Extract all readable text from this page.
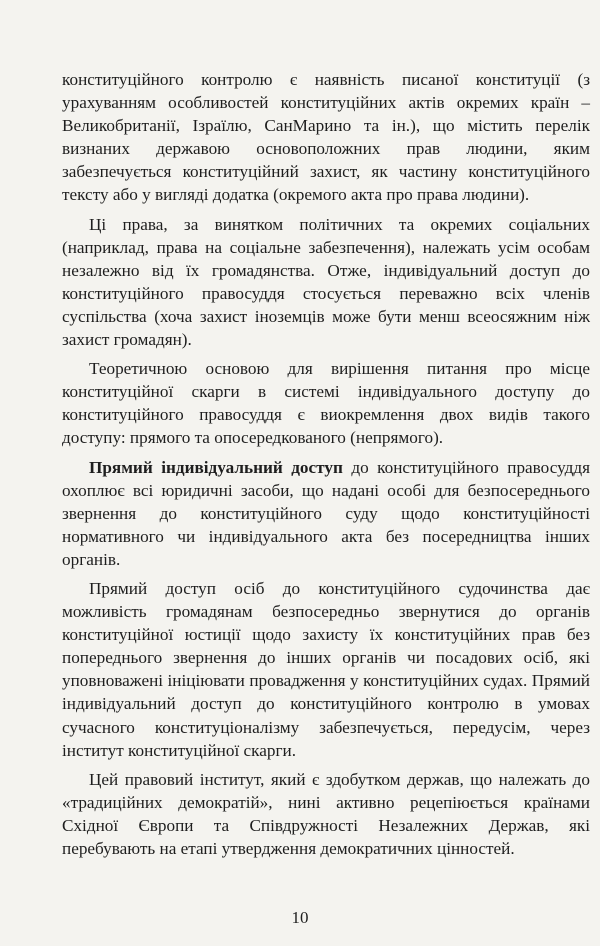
конституційного контролю є наявність писаної конституції (з урахуванням особливостей конституційних актів окремих країн – Великобританії, Ізраїлю, СанМарино та ін.), що містить перелік визнаних державою основоположних прав людини, яким забезпечується конституційний захист, як частину конституційного тексту або у вигляді додатка (окремого акта про права людини).

Ці права, за винятком політичних та окремих соціальних (наприклад, права на соціальне забезпечення), належать усім особам незалежно від їх громадянства. Отже, індивідуальний доступ до конституційного правосуддя стосується переважно всіх членів суспільства (хоча захист іноземців може бути менш всеосяжним ніж захист громадян).

Теоретичною основою для вирішення питання про місце конституційної скарги в системі індивідуального доступу до конституційного правосуддя є виокремлення двох видів такого доступу: прямого та опосередкованого (непрямого).

Прямий індивідуальний доступ до конституційного правосуддя охоплює всі юридичні засоби, що надані особі для безпосереднього звернення до конституційного суду щодо конституційності нормативного чи індивідуального акта без посередництва інших органів.

Прямий доступ осіб до конституційного судочинства дає можливість громадянам безпосередньо звернутися до органів конституційної юстиції щодо захисту їх конституційних прав без попереднього звернення до інших органів чи посадових осіб, які уповноважені ініціювати провадження у конституційних судах. Прямий індивідуальний доступ до конституційного контролю в умовах сучасного конституціоналізму забезпечується, передусім, через інститут конституційної скарги.

Цей правовий інститут, який є здобутком держав, що належать до «традиційних демократій», нині активно рецепіюється країнами Східної Європи та Співдружності Незалежних Держав, які перебувають на етапі утвердження демократичних цінностей.

10
